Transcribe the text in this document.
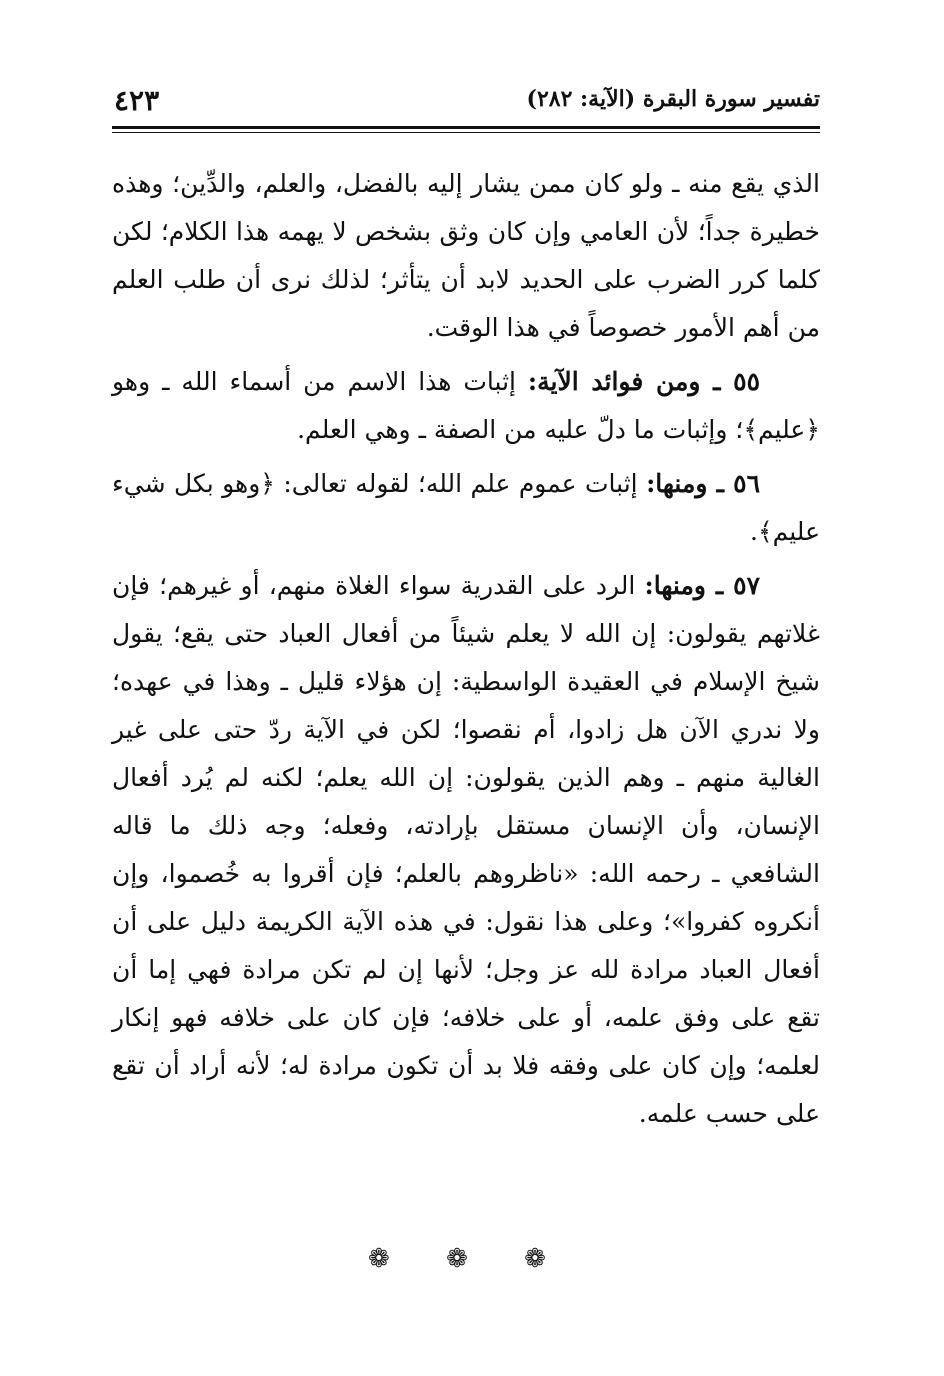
تفسير سورة البقرة (الآية: ٢٨٢)
٤٢٣

الذي يقع منه ـ ولو كان ممن يشار إليه بالفضل، والعلم، والدِّين؛ وهذه خطيرة جداً؛ لأن العامي وإن كان وثق بشخص لا يهمه هذا الكلام؛ لكن كلما كرر الضرب على الحديد لابد أن يتأثر؛ لذلك نرى أن طلب العلم من أهم الأمور خصوصاً في هذا الوقت.

٥٥ ـ ومن فوائد الآية: إثبات هذا الاسم من أسماء الله ـ وهو ﴿عليم﴾؛ وإثبات ما دلّ عليه من الصفة ـ وهي العلم.

٥٦ ـ ومنها: إثبات عموم علم الله؛ لقوله تعالى: ﴿وهو بكل شيء عليم﴾.

٥٧ ـ ومنها: الرد على القدرية سواء الغلاة منهم، أو غيرهم؛ فإن غلاتهم يقولون: إن الله لا يعلم شيئاً من أفعال العباد حتى يقع؛ يقول شيخ الإسلام في العقيدة الواسطية: إن هؤلاء قليل ـ وهذا في عهده؛ ولا ندري الآن هل زادوا، أم نقصوا؛ لكن في الآية ردّ حتى على غير الغالية منهم ـ وهم الذين يقولون: إن الله يعلم؛ لكنه لم يُرد أفعال الإنسان، وأن الإنسان مستقل بإرادته، وفعله؛ وجه ذلك ما قاله الشافعي ـ رحمه الله: «ناظروهم بالعلم؛ فإن أقروا به خُصموا، وإن أنكروه كفروا»؛ وعلى هذا نقول: في هذه الآية الكريمة دليل على أن أفعال العباد مرادة لله عز وجل؛ لأنها إن لم تكن مرادة فهي إما أن تقع على وفق علمه، أو على خلافه؛ فإن كان على خلافه فهو إنكار لعلمه؛ وإن كان على وفقه فلا بد أن تكون مرادة له؛ لأنه أراد أن تقع على حسب علمه.

❁ ❁ ❁
